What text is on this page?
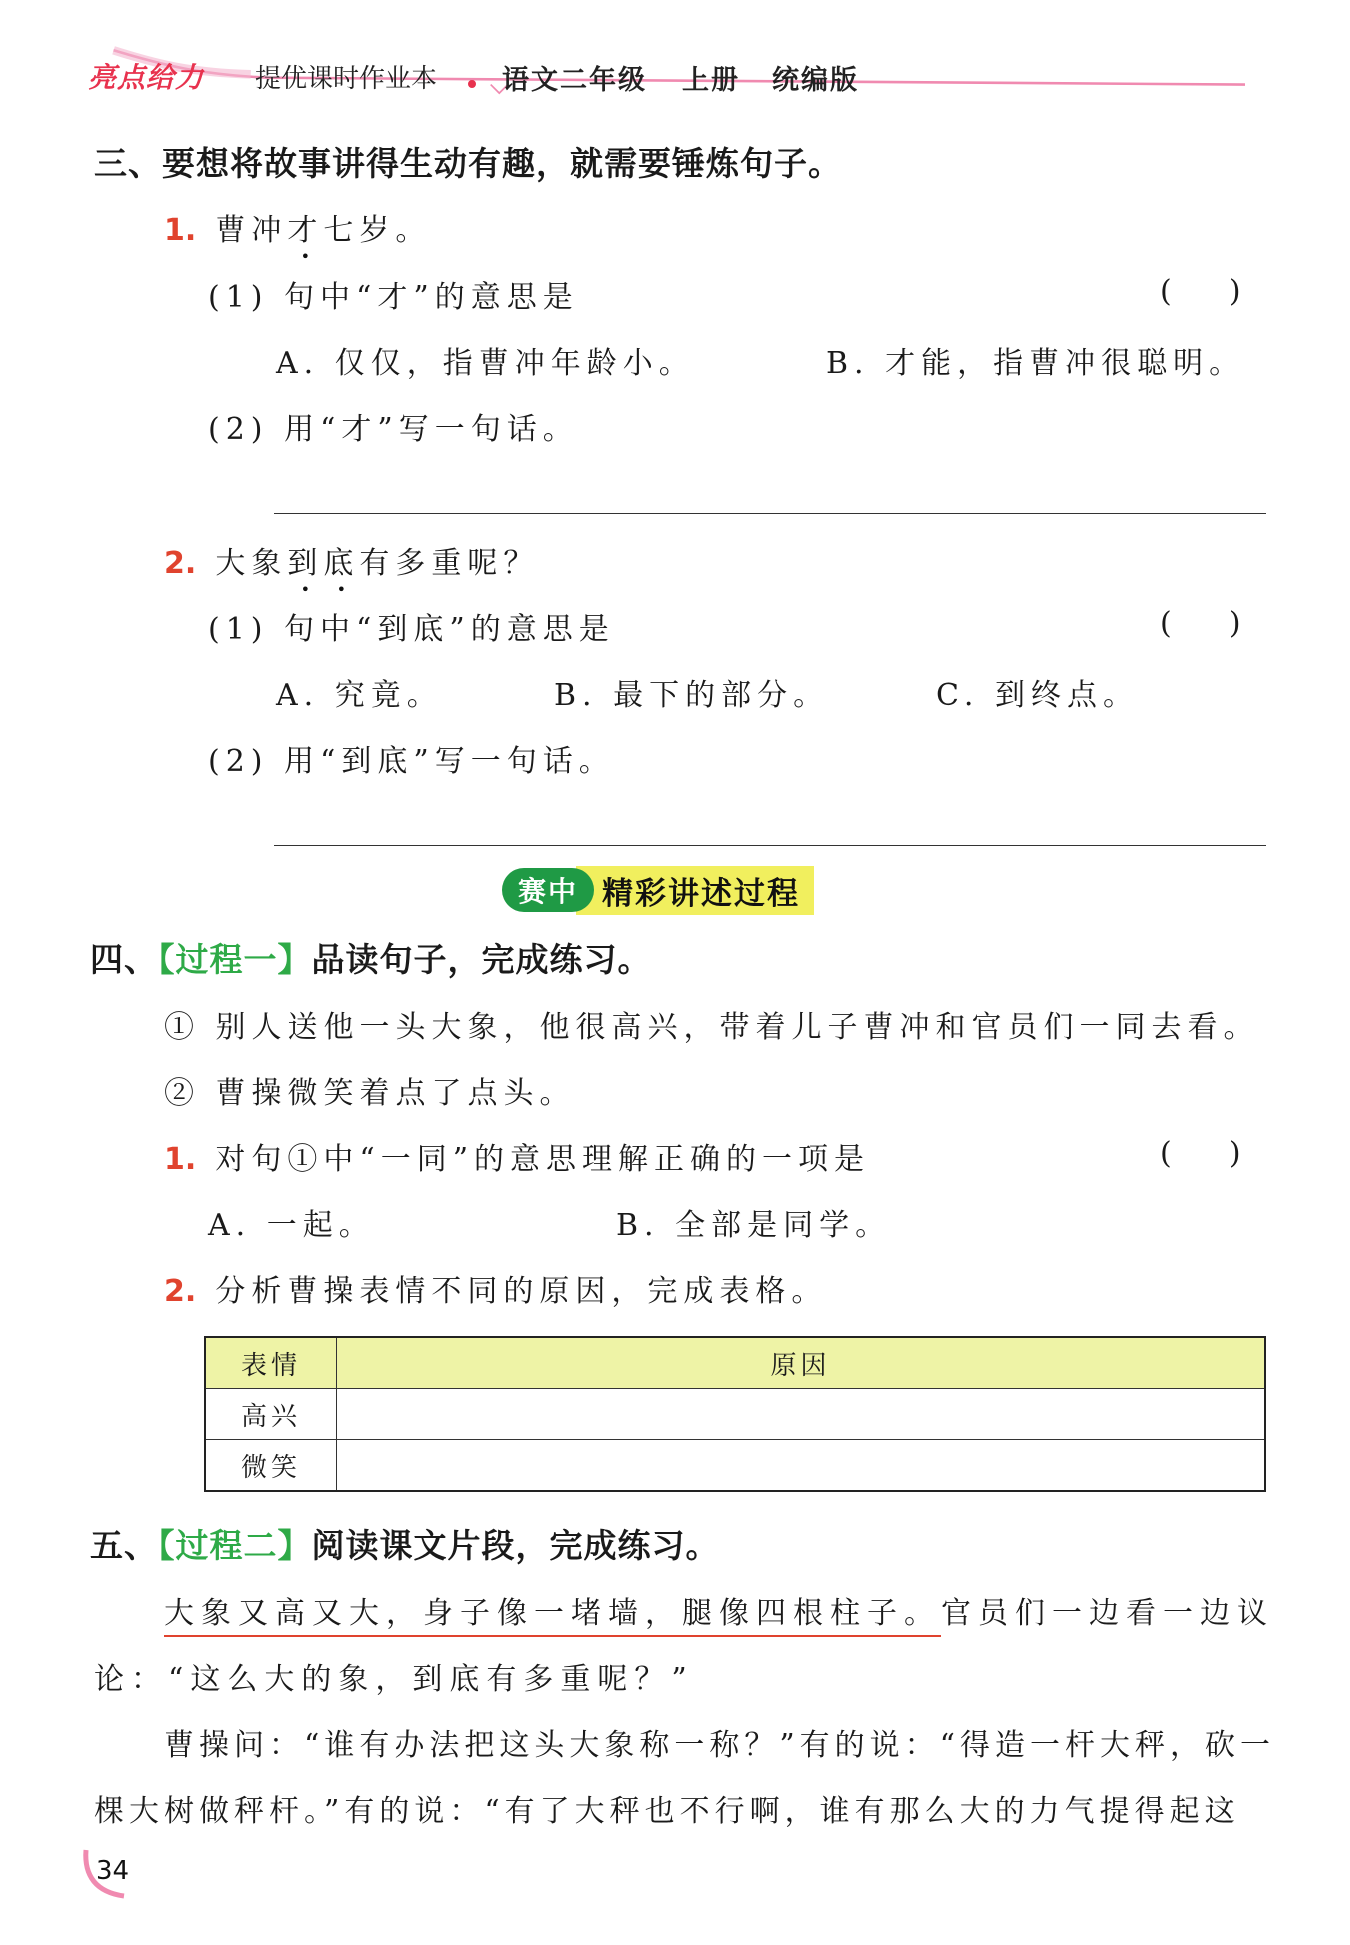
亮点给力 提优课时作业本 语文二年级 上册 统编版
三、要想将故事讲得生动有趣，就需要锤炼句子。
1. 曹冲才七岁。
(1) 句中“才”的意思是	(      )
A. 仅仅，指曹冲年龄小。	B. 才能，指曹冲很聪明。
(2) 用“才”写一句话。
2. 大象到底有多重呢？
(1) 句中“到底”的意思是	(      )
A. 究竟。	B. 最下的部分。	C. 到终点。
(2) 用“到底”写一句话。
赛中 精彩讲述过程
四、【过程一】品读句子，完成练习。
① 别人送他一头大象，他很高兴，带着儿子曹冲和官员们一同去看。
② 曹操微笑着点了点头。
1. 对句①中“一同”的意思理解正确的一项是	(      )
A. 一起。	B. 全部是同学。
2. 分析曹操表情不同的原因，完成表格。
表情	原因
高兴	
微笑	
五、【过程二】阅读课文片段，完成练习。
大象又高又大，身子像一堵墙，腿像四根柱子。官员们一边看一边议
论：“这么大的象，到底有多重呢？”
曹操问：“谁有办法把这头大象称一称？”有的说：“得造一杆大秤，砍一
棵大树做秤杆。”有的说：“有了大秤也不行啊，谁有那么大的力气提得起这
34
